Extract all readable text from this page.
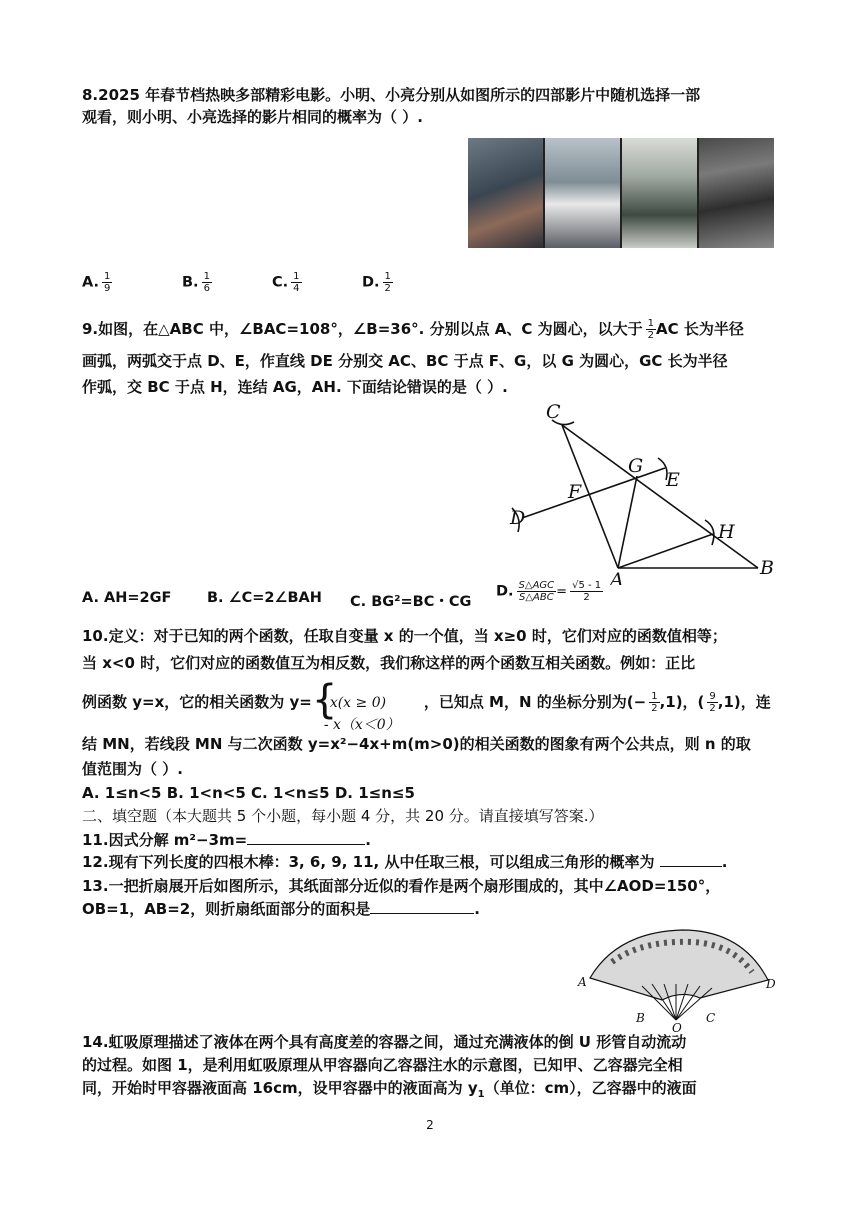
8.2025 年春节档热映多部精彩电影。小明、小亮分别从如图所示的四部影片中随机选择一部
观看，则小明、小亮选择的影片相同的概率为（ ）.
A. $\frac{1}{9}$	B. $\frac{1}{6}$	C. $\frac{1}{4}$	D. $\frac{1}{2}$
9.如图，在△ABC 中，∠BAC=108°，∠B=36°. 分别以点 A、C 为圆心，以大于 $\frac{1}{2}$ AC 长为半径
画弧，两弧交于点 D、E，作直线 DE 分别交 AC、BC 于点 F、G，以 G 为圆心，GC 长为半径
作弧，交 BC 于点 H，连结 AG，AH. 下面结论错误的是（ ）.
C
G
E
F
D
H
A
B
A. AH=2GF B. ∠C=2∠BAH C. BG²=BC・CG
D. $\frac{\text{S△AGC}}{\text{S△ABC}} = \frac{√5 - 1}{2}$
10.定义：对于已知的两个函数，任取自变量 x 的一个值，当 x≥0 时，它们对应的函数值相等；
当 x<0 时，它们对应的函数值互为相反数，我们称这样的两个函数互相关函数。例如：正比
例函数 y=x，它的相关函数为 y= {
x(x ≥ 0)
- x（x＜0）
，已知点 M，N 的坐标分别为(− $\frac{1}{2} ,1$)，( $\frac{9}{2} ,1$)，连
结 MN，若线段 MN 与二次函数 y=x²−4x+m(m>0)的相关函数的图象有两个公共点，则 n 的取
值范围为（ ）.
A. 1≤n<5 B. 1<n<5 C. 1<n≤5 D. 1≤n≤5
二、填空题（本大题共 5 个小题，每小题 4 分，共 20 分。请直接填写答案.）
11.因式分解 m²−3m=	.
12.现有下列长度的四根木棒：3, 6, 9, 11, 从中任取三根，可以组成三角形的概率为	.
13.一把折扇展开后如图所示，其纸面部分近似的看作是两个扇形围成的，其中∠AOD=150°，
OB=1，AB=2，则折扇纸面部分的面积是	.
A
B	C
D
O
14.虹吸原理描述了液体在两个具有高度差的容器之间，通过充满液体的倒 U 形管自动流动
的过程。如图 1，是利用虹吸原理从甲容器向乙容器注水的示意图，已知甲、乙容器完全相
同，开始时甲容器液面高 16cm，设甲容器中的液面高为 $y_1$（单位：cm），乙容器中的液面
2
